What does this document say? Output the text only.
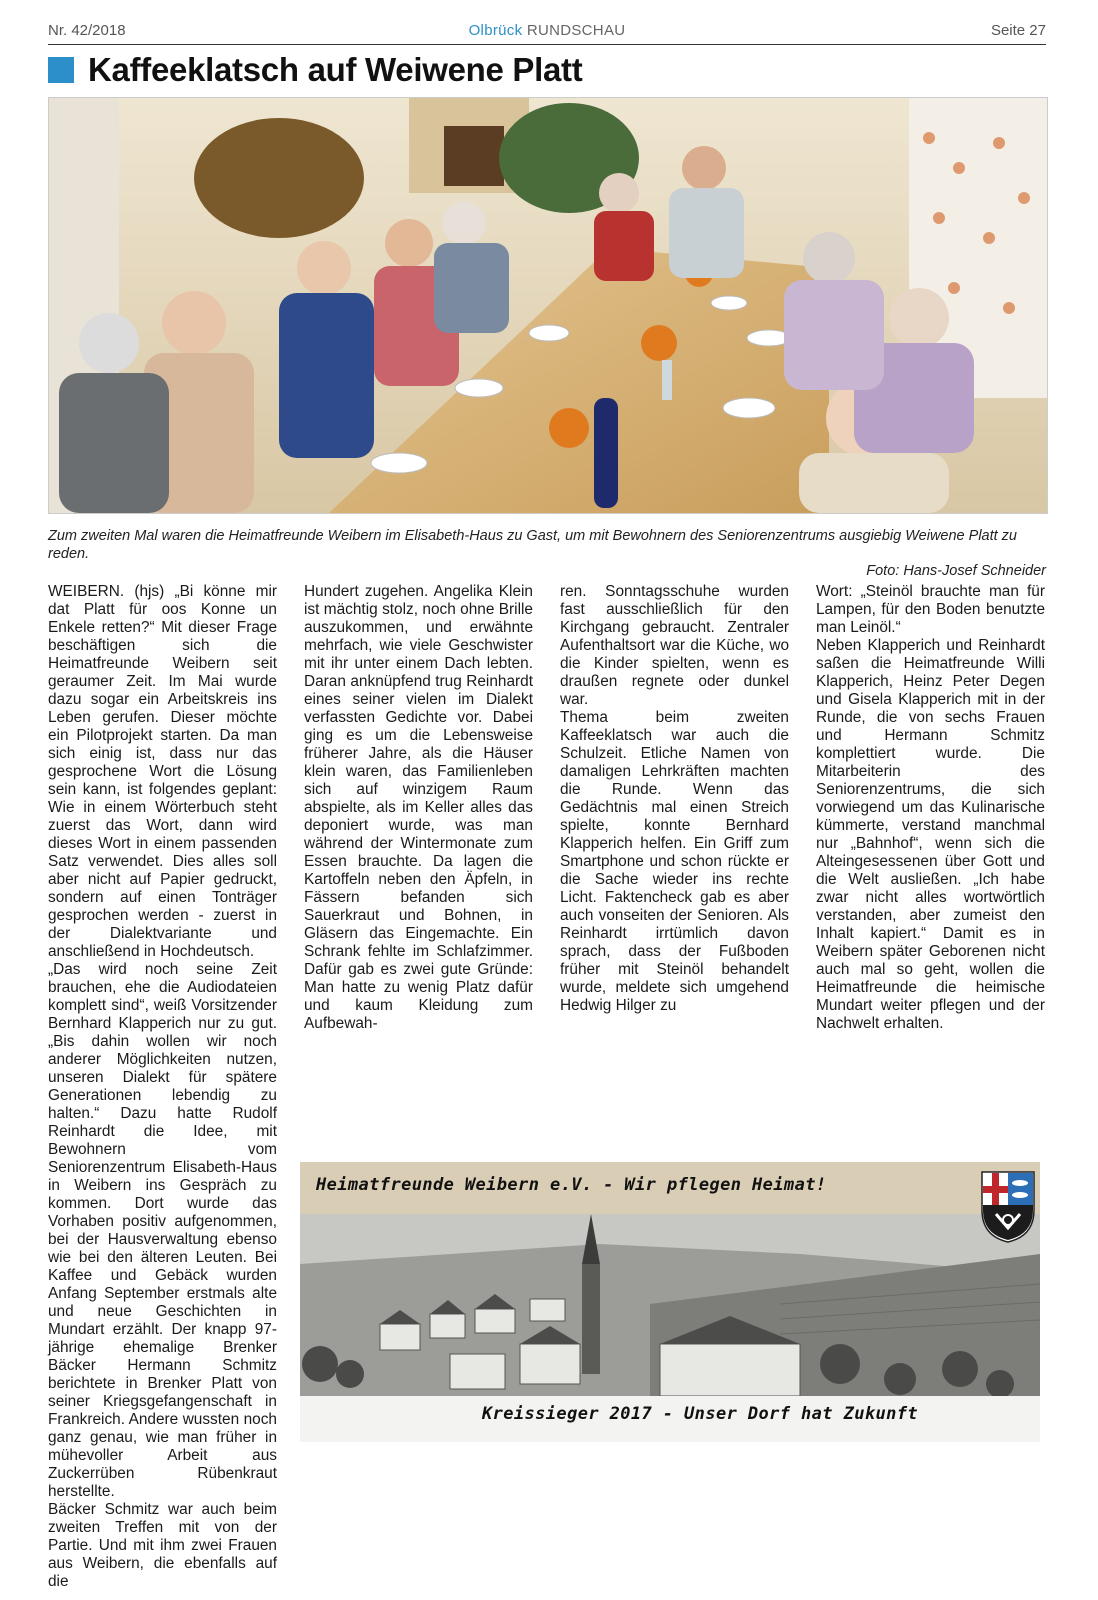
Nr. 42/2018	Olbrück RUNDSCHAU	Seite 27
Kaffeeklatsch auf Weiwene Platt
Zum zweiten Mal waren die Heimatfreunde Weibern im Elisabeth-Haus zu Gast, um mit Bewohnern des Seniorenzentrums ausgiebig Weiwene Platt zu reden.
Foto: Hans-Josef Schneider

WEIBERN. (hjs) „Bi könne mir dat Platt für oos Konne un Enkele retten?“ Mit dieser Frage beschäftigen sich die Heimatfreunde Weibern seit geraumer Zeit. Im Mai wurde dazu sogar ein Arbeitskreis ins Leben gerufen. Dieser möchte ein Pilotprojekt starten. Da man sich einig ist, dass nur das gesprochene Wort die Lösung sein kann, ist folgendes geplant: Wie in einem Wörterbuch steht zuerst das Wort, dann wird dieses Wort in einem passenden Satz verwendet. Dies alles soll aber nicht auf Papier gedruckt, sondern auf einen Tonträger gesprochen werden - zuerst in der Dialektvariante und anschließend in Hochdeutsch.

„Das wird noch seine Zeit brauchen, ehe die Audiodateien komplett sind“, weiß Vorsitzender Bernhard Klapperich nur zu gut. „Bis dahin wollen wir noch anderer Möglichkeiten nutzen, unseren Dialekt für spätere Generationen lebendig zu halten.“ Dazu hatte Rudolf Reinhardt die Idee, mit Bewohnern vom Seniorenzentrum Elisabeth-Haus in Weibern ins Gespräch zu kommen. Dort wurde das Vorhaben positiv aufgenommen, bei der Hausverwaltung ebenso wie bei den älteren Leuten. Bei Kaffee und Gebäck wurden Anfang September erstmals alte und neue Geschichten in Mundart erzählt. Der knapp 97-jährige ehemalige Brenker Bäcker Hermann Schmitz berichtete in Brenker Platt von seiner Kriegsgefangenschaft in Frankreich. Andere wussten noch ganz genau, wie man früher in mühevoller Arbeit aus Zuckerrüben Rübenkraut herstellte.

Bäcker Schmitz war auch beim zweiten Treffen mit von der Partie. Und mit ihm zwei Frauen aus Weibern, die ebenfalls auf die

Hundert zugehen. Angelika Klein ist mächtig stolz, noch ohne Brille auszukommen, und erwähnte mehrfach, wie viele Geschwister mit ihr unter einem Dach lebten. Daran anknüpfend trug Reinhardt eines seiner vielen im Dialekt verfassten Gedichte vor. Dabei ging es um die Lebensweise früherer Jahre, als die Häuser klein waren, das Familienleben sich auf winzigem Raum abspielte, als im Keller alles das deponiert wurde, was man während der Wintermonate zum Essen brauchte. Da lagen die Kartoffeln neben den Äpfeln, in Fässern befanden sich Sauerkraut und Bohnen, in Gläsern das Eingemachte. Ein Schrank fehlte im Schlafzimmer. Dafür gab es zwei gute Gründe: Man hatte zu wenig Platz dafür und kaum Kleidung zum Aufbewah-

ren. Sonntagsschuhe wurden fast ausschließlich für den Kirchgang gebraucht. Zentraler Aufenthaltsort war die Küche, wo die Kinder spielten, wenn es draußen regnete oder dunkel war.

Thema beim zweiten Kaffeeklatsch war auch die Schulzeit. Etliche Namen von damaligen Lehrkräften machten die Runde. Wenn das Gedächtnis mal einen Streich spielte, konnte Bernhard Klapperich helfen. Ein Griff zum Smartphone und schon rückte er die Sache wieder ins rechte Licht. Faktencheck gab es aber auch vonseiten der Senioren. Als Reinhardt irrtümlich davon sprach, dass der Fußboden früher mit Steinöl behandelt wurde, meldete sich umgehend Hedwig Hilger zu

Wort: „Steinöl brauchte man für Lampen, für den Boden benutzte man Leinöl.“

Neben Klapperich und Reinhardt saßen die Heimatfreunde Willi Klapperich, Heinz Peter Degen und Gisela Klapperich mit in der Runde, die von sechs Frauen und Hermann Schmitz komplettiert wurde. Die Mitarbeiterin des Seniorenzentrums, die sich vorwiegend um das Kulinarische kümmerte, verstand manchmal nur „Bahnhof“, wenn sich die Alteingesessenen über Gott und die Welt ausließen. „Ich habe zwar nicht alles wortwörtlich verstanden, aber zumeist den Inhalt kapiert.“ Damit es in Weibern später Geborenen nicht auch mal so geht, wollen die Heimatfreunde die heimische Mundart weiter pflegen und der Nachwelt erhalten.

Heimatfreunde Weibern e.V. - Wir pflegen Heimat!
Kreissieger 2017 - Unser Dorf hat Zukunft
